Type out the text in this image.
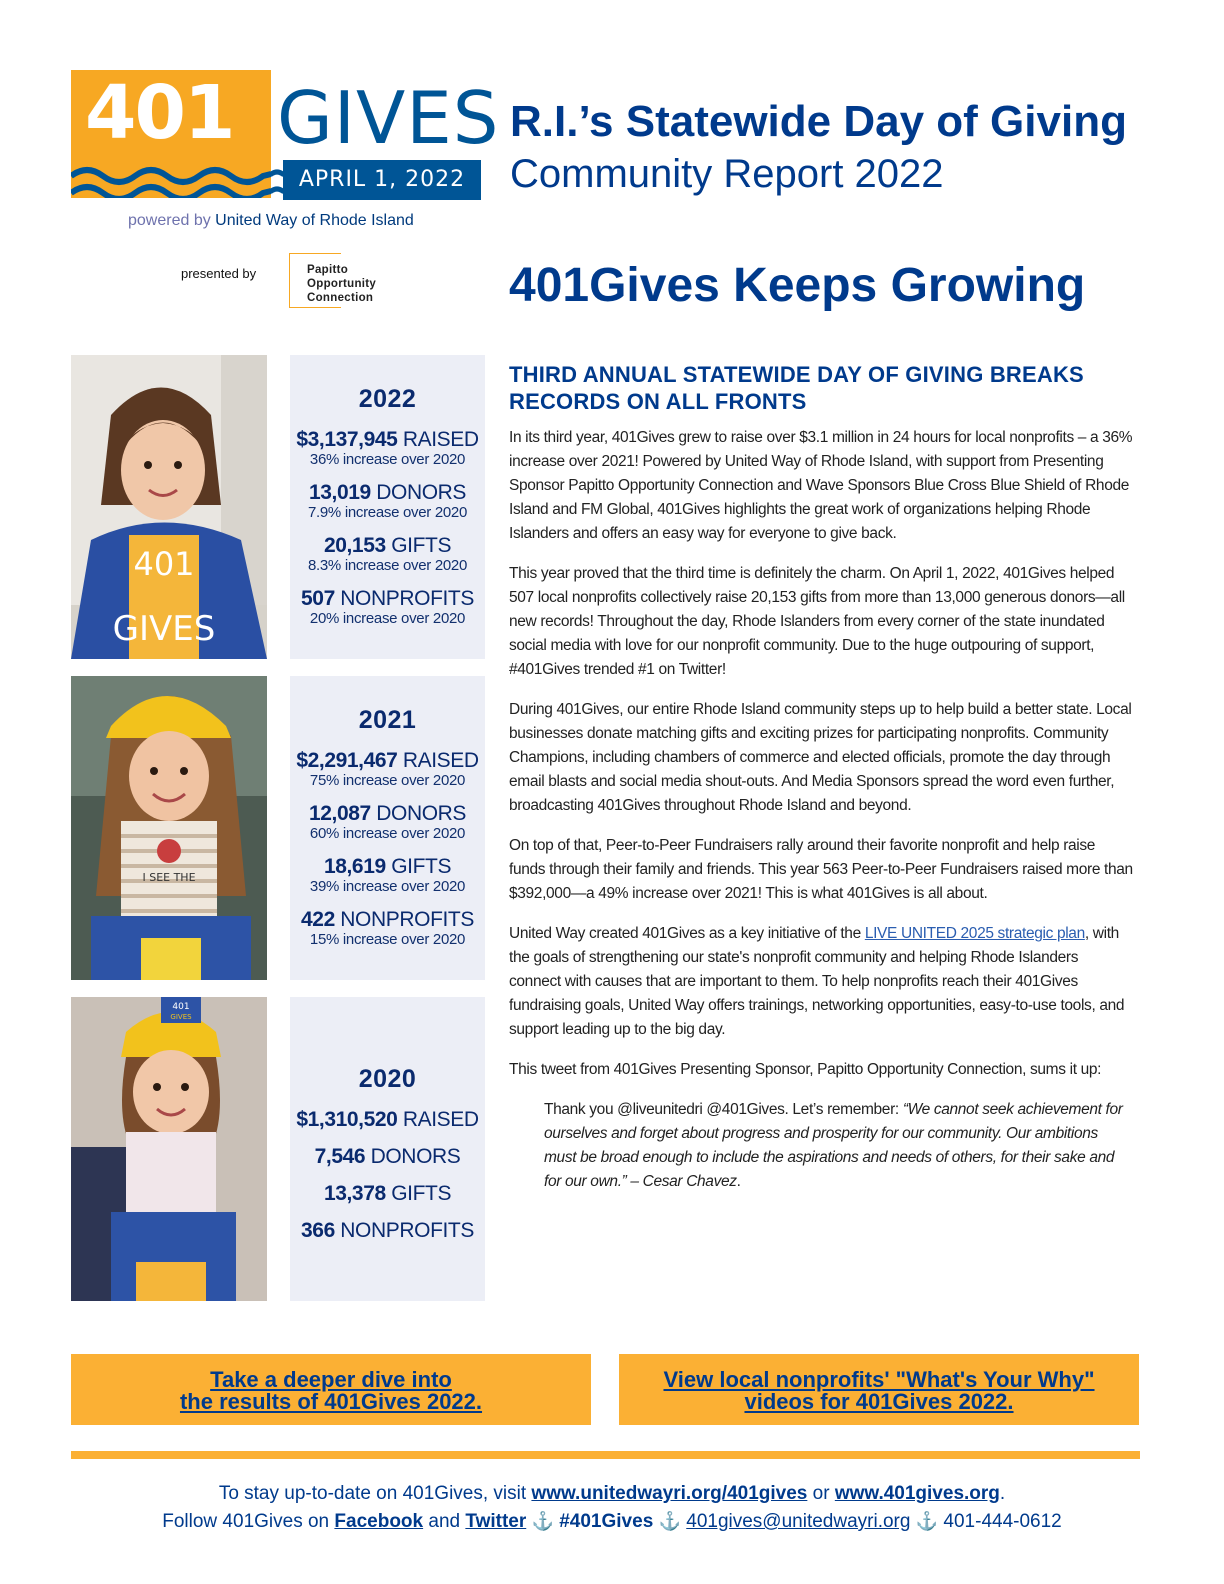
401 GIVES
APRIL 1, 2022
powered by United Way of Rhode Island
presented by	Papitto
Opportunity
Connection
R.I.’s Statewide Day of Giving
Community Report 2022
401Gives Keeps Growing
401
GIVES
I SEE THE
401
GIVES
2022
$3,137,945 RAISED
36% increase over 2020
13,019 DONORS
7.9% increase over 2020
20,153 GIFTS
8.3% increase over 2020
507 NONPROFITS
20% increase over 2020
2021
$2,291,467 RAISED
75% increase over 2020
12,087 DONORS
60% increase over 2020
18,619 GIFTS
39% increase over 2020
422 NONPROFITS
15% increase over 2020
2020
$1,310,520 RAISED
7,546 DONORS
13,378 GIFTS
366 NONPROFITS
THIRD ANNUAL STATEWIDE DAY OF GIVING BREAKS RECORDS ON ALL FRONTS

In its third year, 401Gives grew to raise over $3.1 million in 24 hours for local nonprofits – a 36% increase over 2021! Powered by United Way of Rhode Island, with support from Presenting Sponsor Papitto Opportunity Connection and Wave Sponsors Blue Cross Blue Shield of Rhode Island and FM Global, 401Gives highlights the great work of organizations helping Rhode Islanders and offers an easy way for everyone to give back.

This year proved that the third time is definitely the charm. On April 1, 2022, 401Gives helped 507 local nonprofits collectively raise 20,153 gifts from more than 13,000 generous donors—all new records! Throughout the day, Rhode Islanders from every corner of the state inundated social media with love for our nonprofit community. Due to the huge outpouring of support, #401Gives trended #1 on Twitter!

During 401Gives, our entire Rhode Island community steps up to help build a better state. Local businesses donate matching gifts and exciting prizes for participating nonprofits. Community Champions, including chambers of commerce and elected officials, promote the day through email blasts and social media shout-outs. And Media Sponsors spread the word even further, broadcasting 401Gives throughout Rhode Island and beyond.

On top of that, Peer-to-Peer Fundraisers rally around their favorite nonprofit and help raise funds through their family and friends. This year 563 Peer-to-Peer Fundraisers raised more than $392,000—a 49% increase over 2021! This is what 401Gives is all about.

United Way created 401Gives as a key initiative of the LIVE UNITED 2025 strategic plan, with the goals of strengthening our state's nonprofit community and helping Rhode Islanders connect with causes that are important to them. To help nonprofits reach their 401Gives fundraising goals, United Way offers trainings, networking opportunities, easy-to-use tools, and support leading up to the big day.

This tweet from 401Gives Presenting Sponsor, Papitto Opportunity Connection, sums it up:

Thank you @liveunitedri @401Gives. Let’s remember: “We cannot seek achievement for ourselves and forget about progress and prosperity for our community. Our ambitions must be broad enough to include the aspirations and needs of others, for their sake and for our own.” – Cesar Chavez.
Take a deeper dive into
the results of 401Gives 2022.
View local nonprofits' "What's Your Why"
videos for 401Gives 2022.
To stay up-to-date on 401Gives, visit www.unitedwayri.org/401gives or www.401gives.org.
Follow 401Gives on Facebook and Twitter ⚓ #401Gives ⚓ 401gives@unitedwayri.org ⚓ 401-444-0612
